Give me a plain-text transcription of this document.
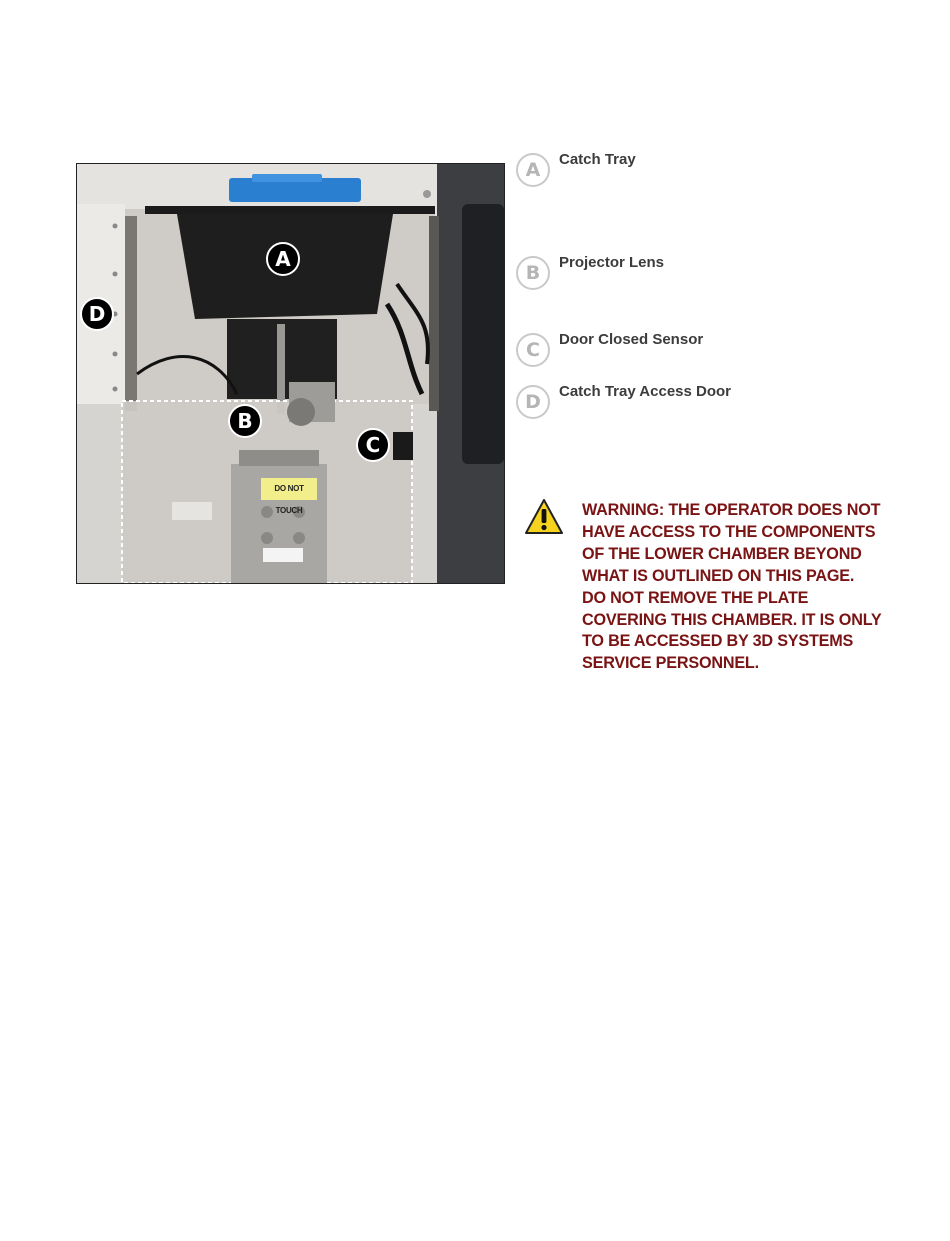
A
B
C
D
DO NOT TOUCH
A	Catch Tray
B	Projector Lens
C	Door Closed Sensor
D	Catch Tray Access Door
WARNING: THE OPERATOR DOES NOT HAVE ACCESS TO THE COMPONENTS OF THE LOWER CHAMBER BEYOND WHAT IS OUTLINED ON THIS PAGE. DO NOT REMOVE THE PLATE COVERING THIS CHAMBER. IT IS ONLY TO BE ACCESSED BY 3D SYSTEMS SERVICE PERSONNEL.
